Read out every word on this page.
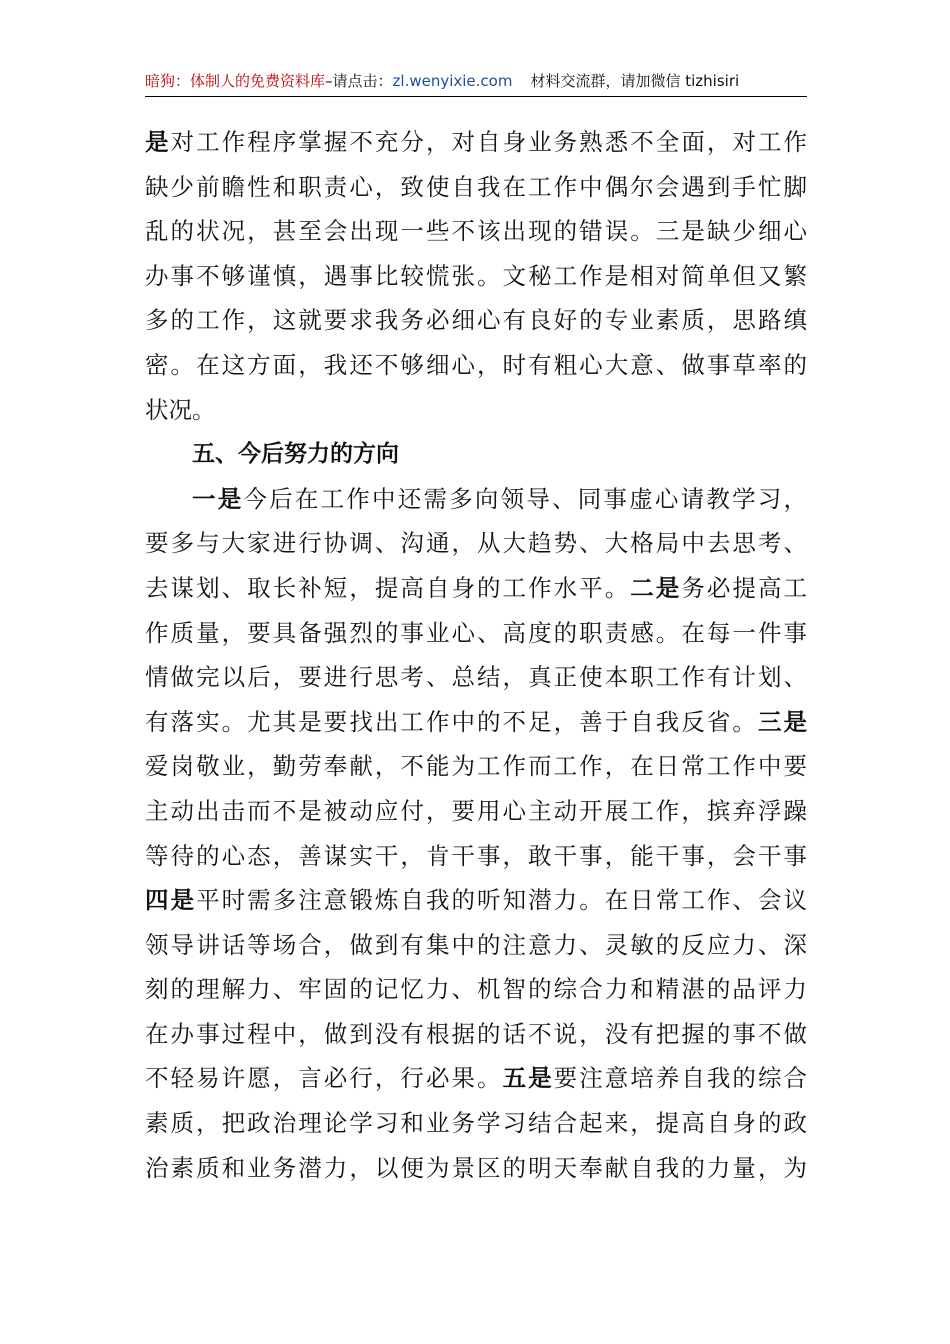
暗狗：体制人的免费资料库–请点击：zl.wenyixie.com 材料交流群，请加微信 tizhisiri
是对工作程序掌握不充分，对自身业务熟悉不全面，对工作
缺少前瞻性和职责心，致使自我在工作中偶尔会遇到手忙脚
乱的状况，甚至会出现一些不该出现的错误。三是缺少细心
办事不够谨慎，遇事比较慌张。文秘工作是相对简单但又繁
多的工作，这就要求我务必细心有良好的专业素质，思路缜
密。在这方面，我还不够细心，时有粗心大意、做事草率的
状况。
五、今后努力的方向
一是今后在工作中还需多向领导、同事虚心请教学习，
要多与大家进行协调、沟通，从大趋势、大格局中去思考、
去谋划、取长补短，提高自身的工作水平。二是务必提高工
作质量，要具备强烈的事业心、高度的职责感。在每一件事
情做完以后，要进行思考、总结，真正使本职工作有计划、
有落实。尤其是要找出工作中的不足，善于自我反省。三是
爱岗敬业，勤劳奉献，不能为工作而工作，在日常工作中要
主动出击而不是被动应付，要用心主动开展工作，摈弃浮躁
等待的心态，善谋实干，肯干事，敢干事，能干事，会干事
四是平时需多注意锻炼自我的听知潜力。在日常工作、会议
领导讲话等场合，做到有集中的注意力、灵敏的反应力、深
刻的理解力、牢固的记忆力、机智的综合力和精湛的品评力
在办事过程中，做到没有根据的话不说，没有把握的事不做
不轻易许愿，言必行，行必果。五是要注意培养自我的综合
素质，把政治理论学习和业务学习结合起来，提高自身的政
治素质和业务潜力，以便为景区的明天奉献自我的力量，为
